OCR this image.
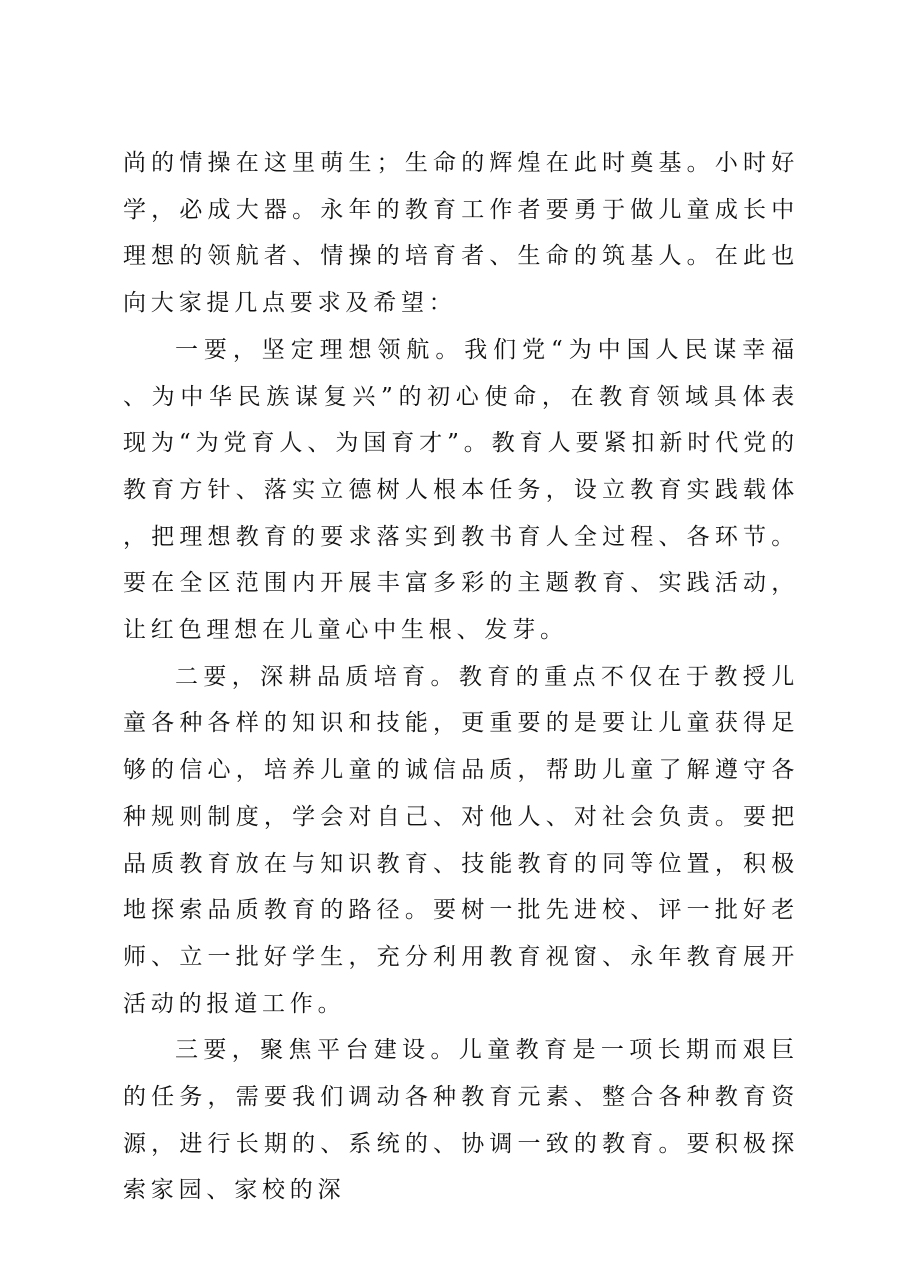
尚的情操在这里萌生；生命的辉煌在此时奠基。小时好学，必成大器。永年的教育工作者要勇于做儿童成长中理想的领航者、情操的培育者、生命的筑基人。在此也向大家提几点要求及希望：

一要，坚定理想领航。我们党“为中国人民谋幸福、为中华民族谋复兴”的初心使命，在教育领域具体表现为“为党育人、为国育才”。教育人要紧扣新时代党的教育方针、落实立德树人根本任务，设立教育实践载体，把理想教育的要求落实到教书育人全过程、各环节。要在全区范围内开展丰富多彩的主题教育、实践活动，让红色理想在儿童心中生根、发芽。

二要，深耕品质培育。教育的重点不仅在于教授儿童各种各样的知识和技能，更重要的是要让儿童获得足够的信心，培养儿童的诚信品质，帮助儿童了解遵守各种规则制度，学会对自己、对他人、对社会负责。要把品质教育放在与知识教育、技能教育的同等位置，积极地探索品质教育的路径。要树一批先进校、评一批好老师、立一批好学生，充分利用教育视窗、永年教育展开活动的报道工作。

三要，聚焦平台建设。儿童教育是一项长期而艰巨的任务，需要我们调动各种教育元素、整合各种教育资源，进行长期的、系统的、协调一致的教育。要积极探索家园、家校的深
